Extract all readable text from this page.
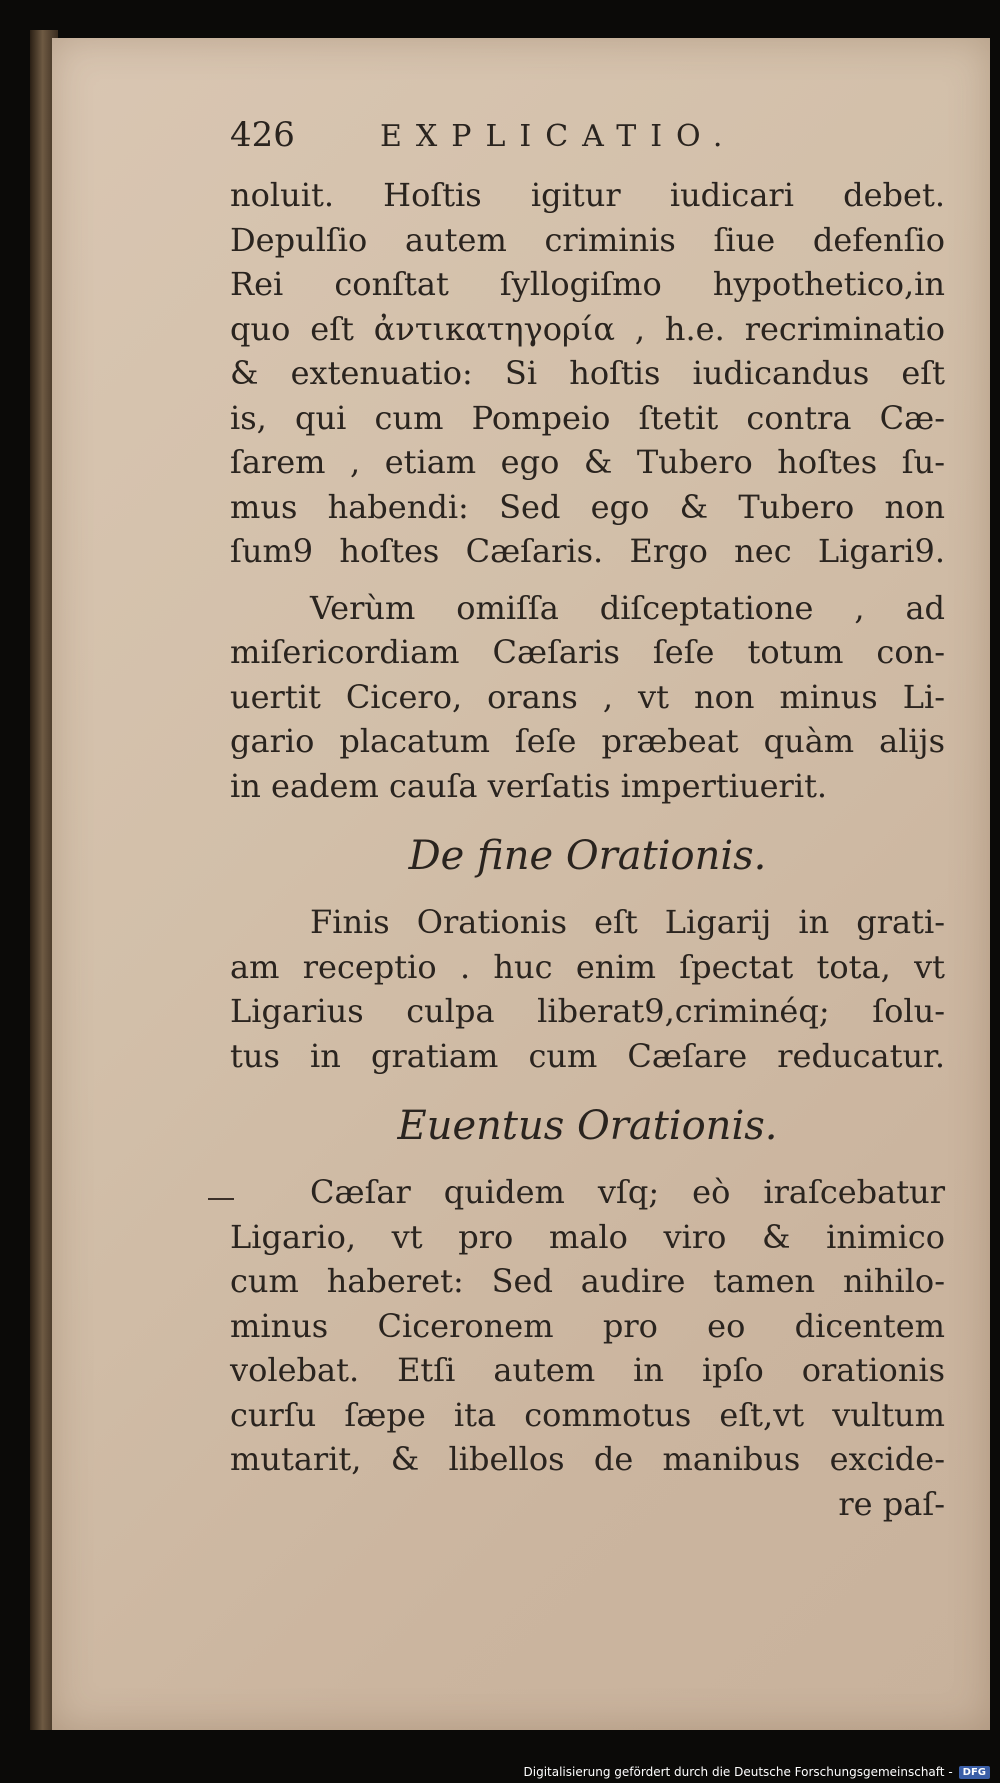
426	EXPLICATIO.
noluit. Hoſtis igitur iudicari debet.
Depulſio autem criminis ſiue defenſio
Rei conſtat ſyllogiſmo hypothetico,in
quo eſt ἀντικατηγορία , h.e. recriminatio
& extenuatio: Si hoſtis iudicandus eſt
is, qui cum Pompeio ſtetit contra Cæ-
ſarem , etiam ego & Tubero hoſtes ſu-
mus habendi: Sed ego & Tubero non
ſum9 hoſtes Cæſaris. Ergo nec Ligari9.
Verùm omiſſa diſceptatione , ad
miſericordiam Cæſaris ſeſe totum con-
uertit Cicero, orans , vt non minus Li-
gario placatum ſeſe præbeat quàm alijs
in eadem cauſa verſatis impertiuerit.
De fine Orationis.
Finis Orationis eſt Ligarij in grati-
am receptio . huc enim ſpectat tota, vt
Ligarius culpa liberat9,criminéq; ſolu-
tus in gratiam cum Cæſare reducatur.
Euentus Orationis.
Cæſar quidem vſq; eò iraſcebatur
Ligario, vt pro malo viro & inimico
cum haberet: Sed audire tamen nihilo-
minus Ciceronem pro eo dicentem
volebat. Etſi autem in ipſo orationis
curſu ſæpe ita commotus eſt,vt vultum
mutarit, & libellos de manibus excide-
re paſ-
Digitalisierung gefördert durch die Deutsche Forschungsgemeinschaft -	DFG
